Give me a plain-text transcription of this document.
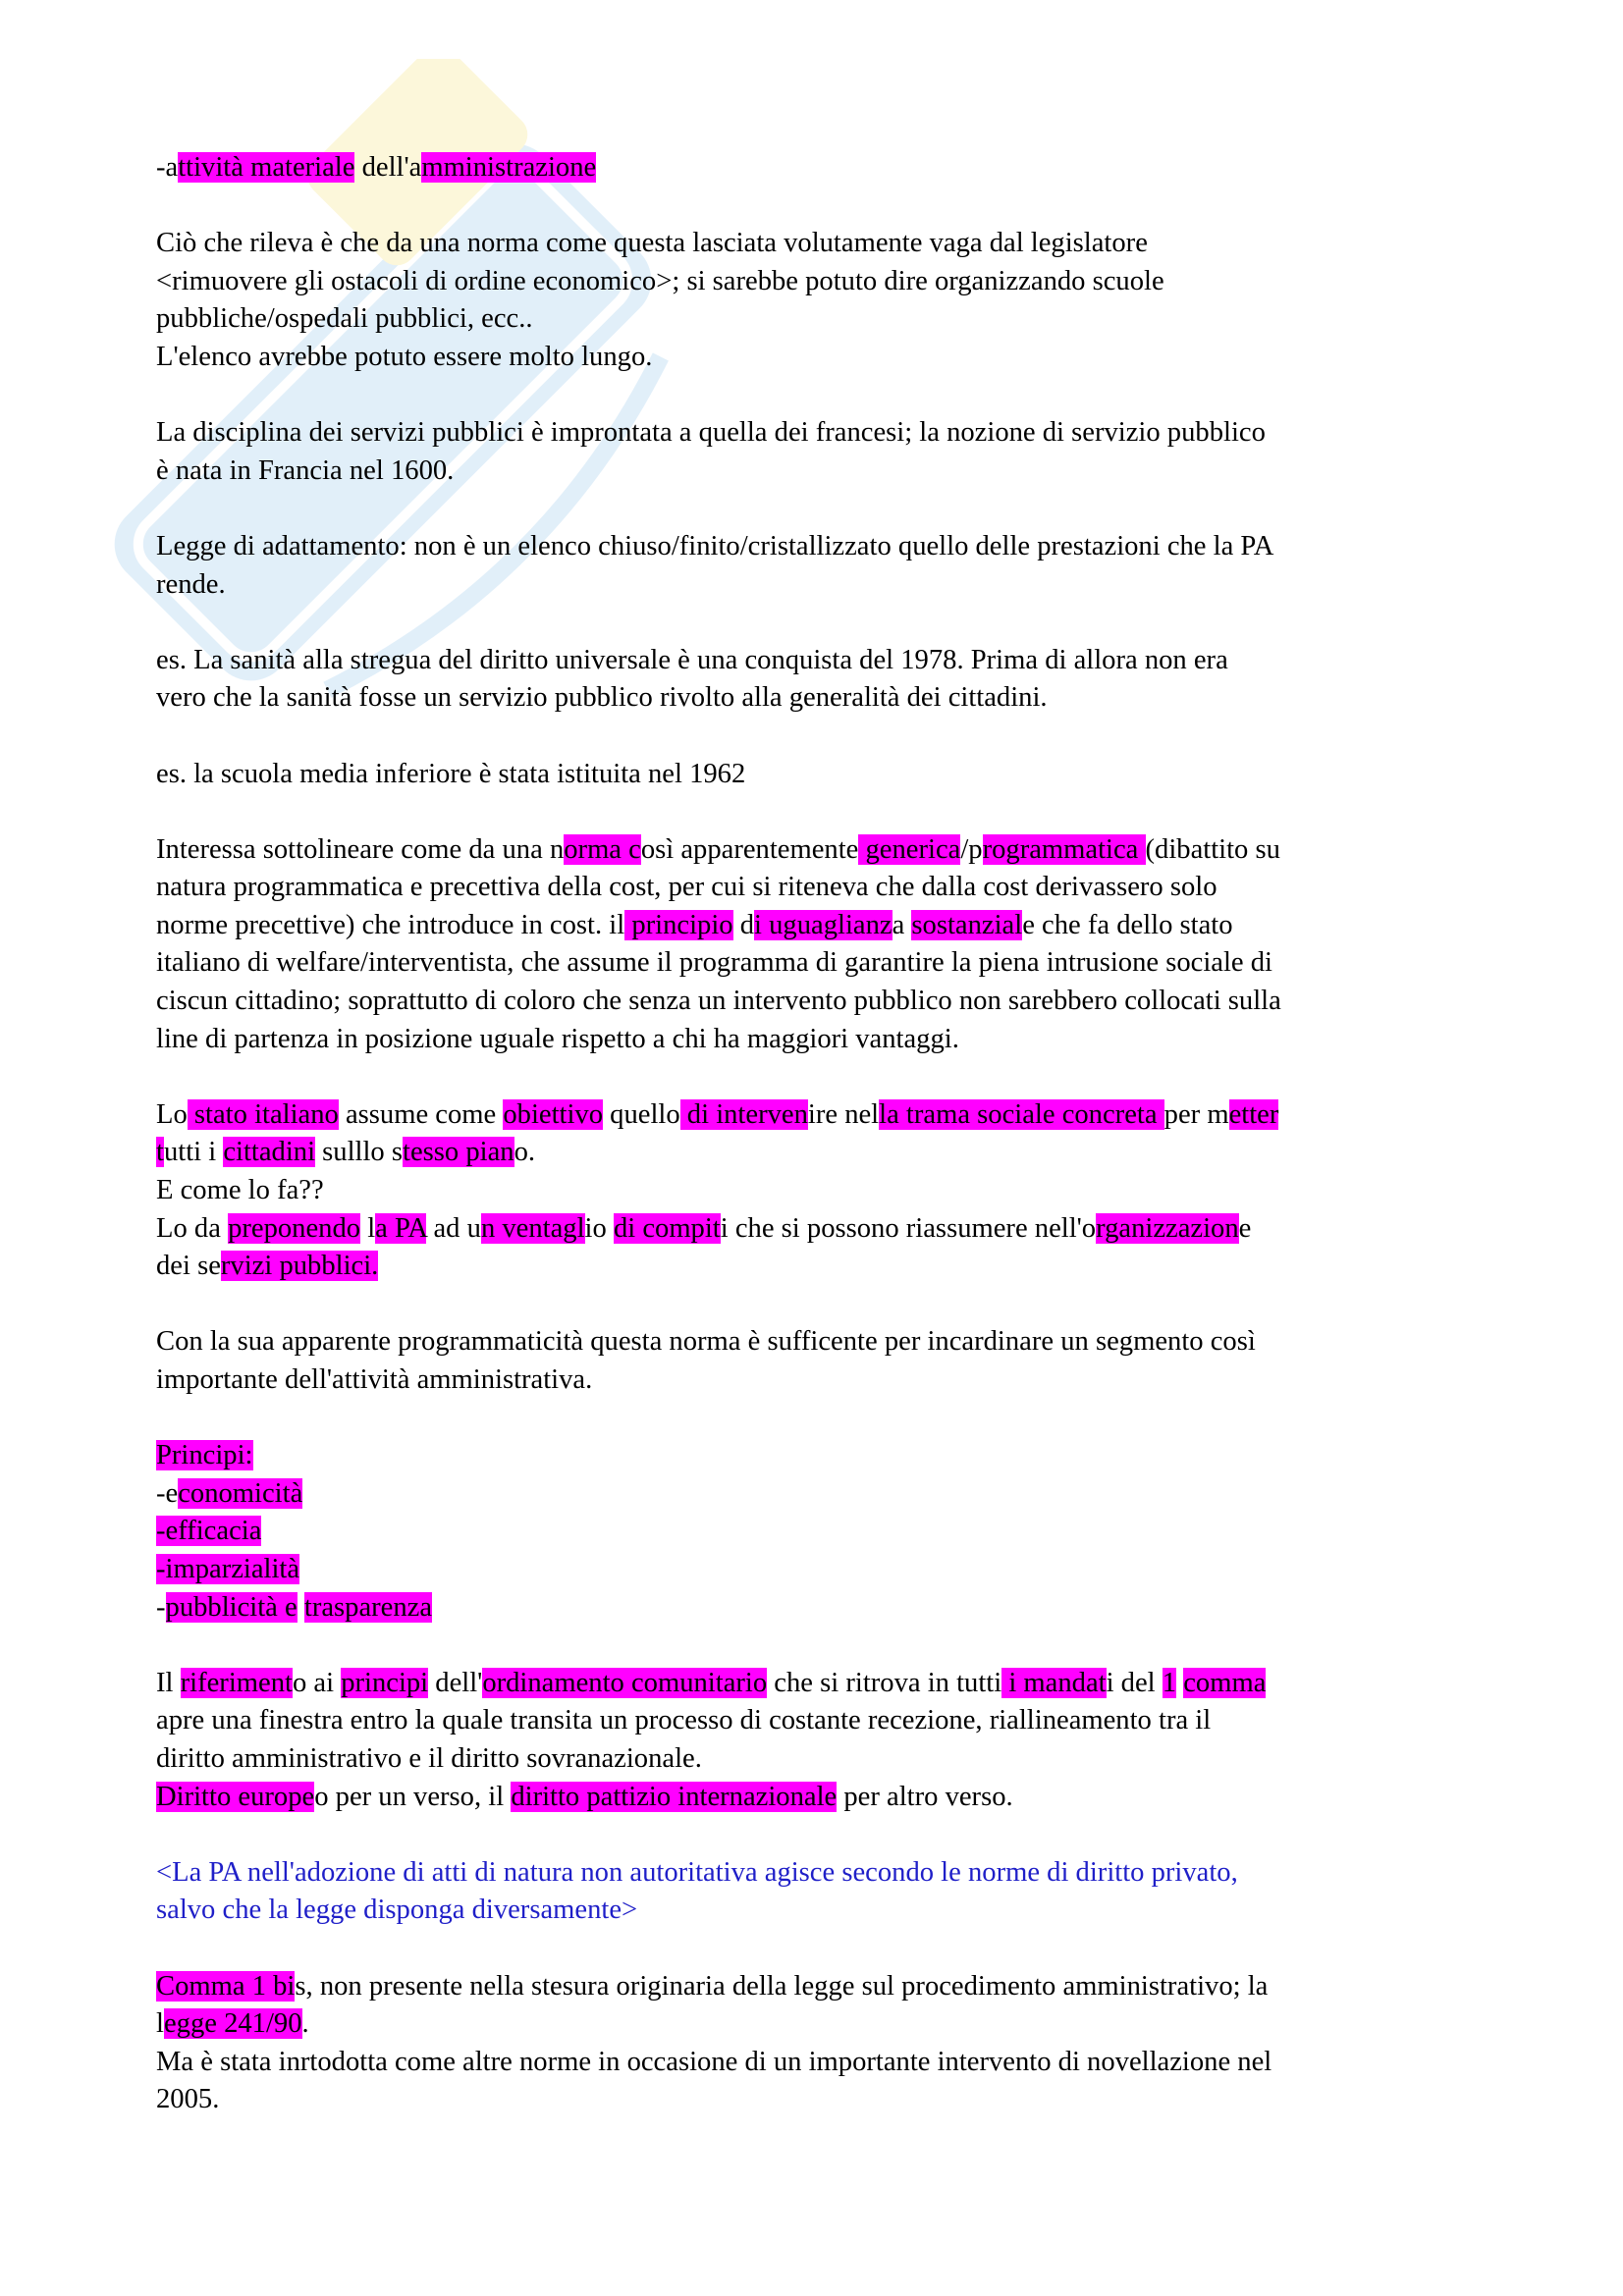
-attività materiale dell'amministrazione

Ciò che rileva è che da una norma come questa lasciata volutamente vaga dal legislatore
<rimuovere gli ostacoli di ordine economico>; si sarebbe potuto dire organizzando scuole
pubbliche/ospedali pubblici, ecc..
L'elenco avrebbe potuto essere molto lungo.

La disciplina dei servizi pubblici è improntata a quella dei francesi; la nozione di servizio pubblico
è nata in Francia nel 1600.

Legge di adattamento: non è un elenco chiuso/finito/cristallizzato quello delle prestazioni che la PA
rende.

es. La sanità alla stregua del diritto universale è una conquista del 1978. Prima di allora non era
vero che la sanità fosse un servizio pubblico rivolto alla generalità dei cittadini.

es. la scuola media inferiore è stata istituita nel 1962

Interessa sottolineare come da una norma così apparentemente generica/programmatica (dibattito su
natura programmatica e precettiva della cost, per cui si riteneva che dalla cost derivassero solo
norme precettive) che introduce in cost. il principio di uguaglianza sostanziale che fa dello stato
italiano di welfare/interventista, che assume il programma di garantire la piena intrusione sociale di
ciscun cittadino; soprattutto di coloro che senza un intervento pubblico non sarebbero collocati sulla
line di partenza in posizione uguale rispetto a chi ha maggiori vantaggi.

Lo stato italiano assume come obiettivo quello di intervenire nella trama sociale concreta per metter
tutti i cittadini sulllo stesso piano.
E come lo fa??
Lo da preponendo la PA ad un ventaglio di compiti che si possono riassumere nell'organizzazione
dei servizi pubblici.

Con la sua apparente programmaticità questa norma è sufficente per incardinare un segmento così
importante dell'attività amministrativa.

Principi:
-economicità
-efficacia
-imparzialità
-pubblicità e trasparenza

Il riferimento ai principi dell'ordinamento comunitario che si ritrova in tutti i mandati del 1 comma
apre una finestra entro la quale transita un processo di costante recezione, riallineamento tra il
diritto amministrativo e il diritto sovranazionale.
Diritto europeo per un verso, il diritto pattizio internazionale per altro verso.

<La PA nell'adozione di atti di natura non autoritativa agisce secondo le norme di diritto privato,
salvo che la legge disponga diversamente>

Comma 1 bis, non presente nella stesura originaria della legge sul procedimento amministrativo; la
legge 241/90.
Ma è stata inrtodotta come altre norme in occasione di un importante intervento di novellazione nel
2005.
